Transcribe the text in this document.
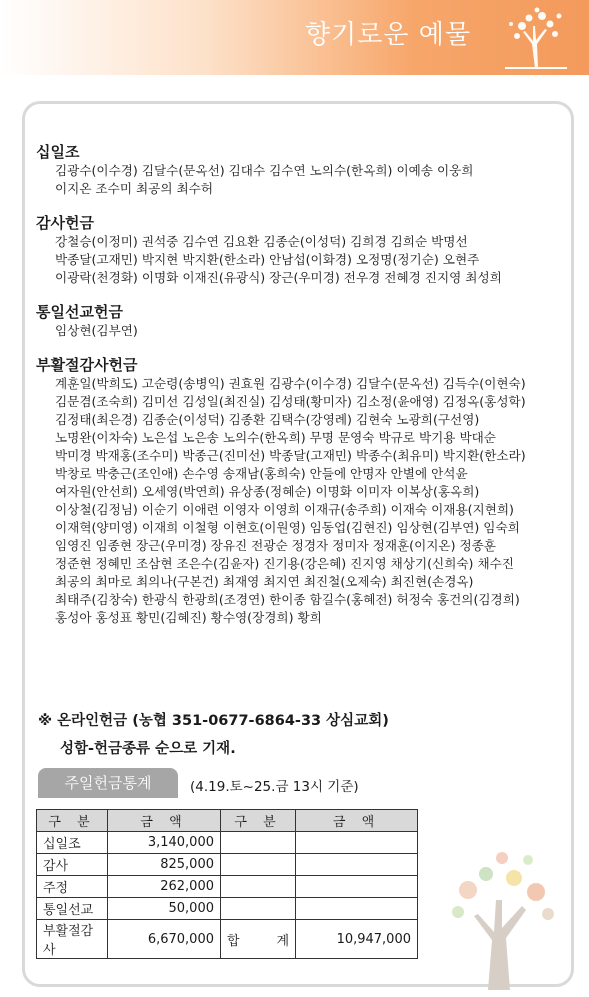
향기로운 예물

십일조

김광수(이수경) 김달수(문옥선) 김대수 김수연 노의수(한옥희) 이예송 이웅희
이지온 조수미 최공의 최수허

감사헌금

강철승(이정미) 권석중 김수연 김요환 김종순(이성덕) 김희경 김희순 박명선
박종달(고재민) 박지현 박지환(한소라) 안남섭(이화경) 오정명(정기순) 오현주
이광락(천경화) 이명화 이재진(유광식) 장근(우미경) 전우경 전혜경 진지영 최성희

통일선교헌금

임상현(김부연)

부활절감사헌금

계훈일(박희도) 고순령(송병익) 권효원 김광수(이수경) 김달수(문옥선) 김득수(이현숙)
김문겸(조숙희) 김미선 김성일(최진실) 김성태(황미자) 김소정(윤애영) 김정옥(홍성학)
김정태(최은경) 김종순(이성덕) 김종환 김택수(강영례) 김현숙 노광희(구선영)
노명완(이차숙) 노은섭 노은송 노의수(한옥희) 무명 문영숙 박규로 박기용 박대순
박미경 박재홍(조수미) 박종근(진미선) 박종달(고재민) 박종수(최유미) 박지환(한소라)
박창로 박충근(조인애) 손수영 송재남(홍희숙) 안들에 안명자 안별에 안석윤
여자원(안선희) 오세영(박연희) 유상종(정혜순) 이명화 이미자 이복상(홍옥희)
이상철(김정님) 이순기 이애련 이영자 이영희 이재규(송주희) 이재숙 이재용(지현희)
이재혁(양미영) 이재희 이철형 이현호(이원영) 임동업(김현진) 임상현(김부연) 임숙희
임영진 임종현 장근(우미경) 장유진 전광순 정경자 정미자 정재훈(이지온) 정종훈
정준현 정혜민 조삼현 조은수(김윤자) 진기용(강은혜) 진지영 채상기(신희숙) 채수진
최공의 최마로 최의나(구본건) 최재영 최지연 최진철(오제숙) 최진현(손경옥)
최태주(김창숙) 한광식 한광희(조경연) 한이종 함길수(홍혜전) 허정숙 홍건의(김경희)
홍성아 홍성표 황민(김혜진) 황수영(장경희) 황희

※ 온라인헌금 (농협 351-0677-6864-33 상심교회)
성함-헌금종류 순으로 기재.
주일헌금통계	(4.19.토~25.금 13시 기준)
구 분	금 액	구 분	금 액
십일조	3,140,000		
감사	825,000		
주정	262,000		
통일선교	50,000		
부활절감사	6,670,000	합 계	10,947,000
